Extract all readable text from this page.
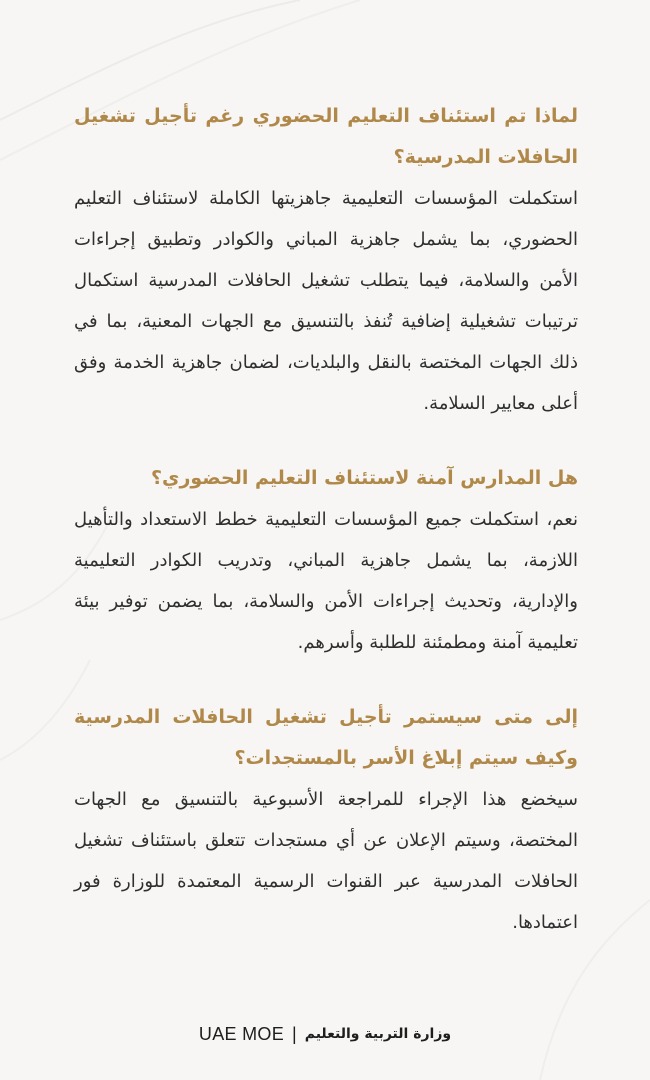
لماذا تم استئناف التعليم الحضوري رغم تأجيل تشغيل الحافلات المدرسية؟

استكملت المؤسسات التعليمية جاهزيتها الكاملة لاستئناف التعليم الحضوري، بما يشمل جاهزية المباني والكوادر وتطبيق إجراءات الأمن والسلامة، فيما يتطلب تشغيل الحافلات المدرسية استكمال ترتيبات تشغيلية إضافية تُنفذ بالتنسيق مع الجهات المعنية، بما في ذلك الجهات المختصة بالنقل والبلديات، لضمان جاهزية الخدمة وفق أعلى معايير السلامة.

هل المدارس آمنة لاستئناف التعليم الحضوري؟

نعم، استكملت جميع المؤسسات التعليمية خطط الاستعداد والتأهيل اللازمة، بما يشمل جاهزية المباني، وتدريب الكوادر التعليمية والإدارية، وتحديث إجراءات الأمن والسلامة، بما يضمن توفير بيئة تعليمية آمنة ومطمئنة للطلبة وأسرهم.

إلى متى سيستمر تأجيل تشغيل الحافلات المدرسية وكيف سيتم إبلاغ الأسر بالمستجدات؟

سيخضع هذا الإجراء للمراجعة الأسبوعية بالتنسيق مع الجهات المختصة، وسيتم الإعلان عن أي مستجدات تتعلق باستئناف تشغيل الحافلات المدرسية عبر القنوات الرسمية المعتمدة للوزارة فور اعتمادها.

UAE MOE | وزارة التربية والتعليم
